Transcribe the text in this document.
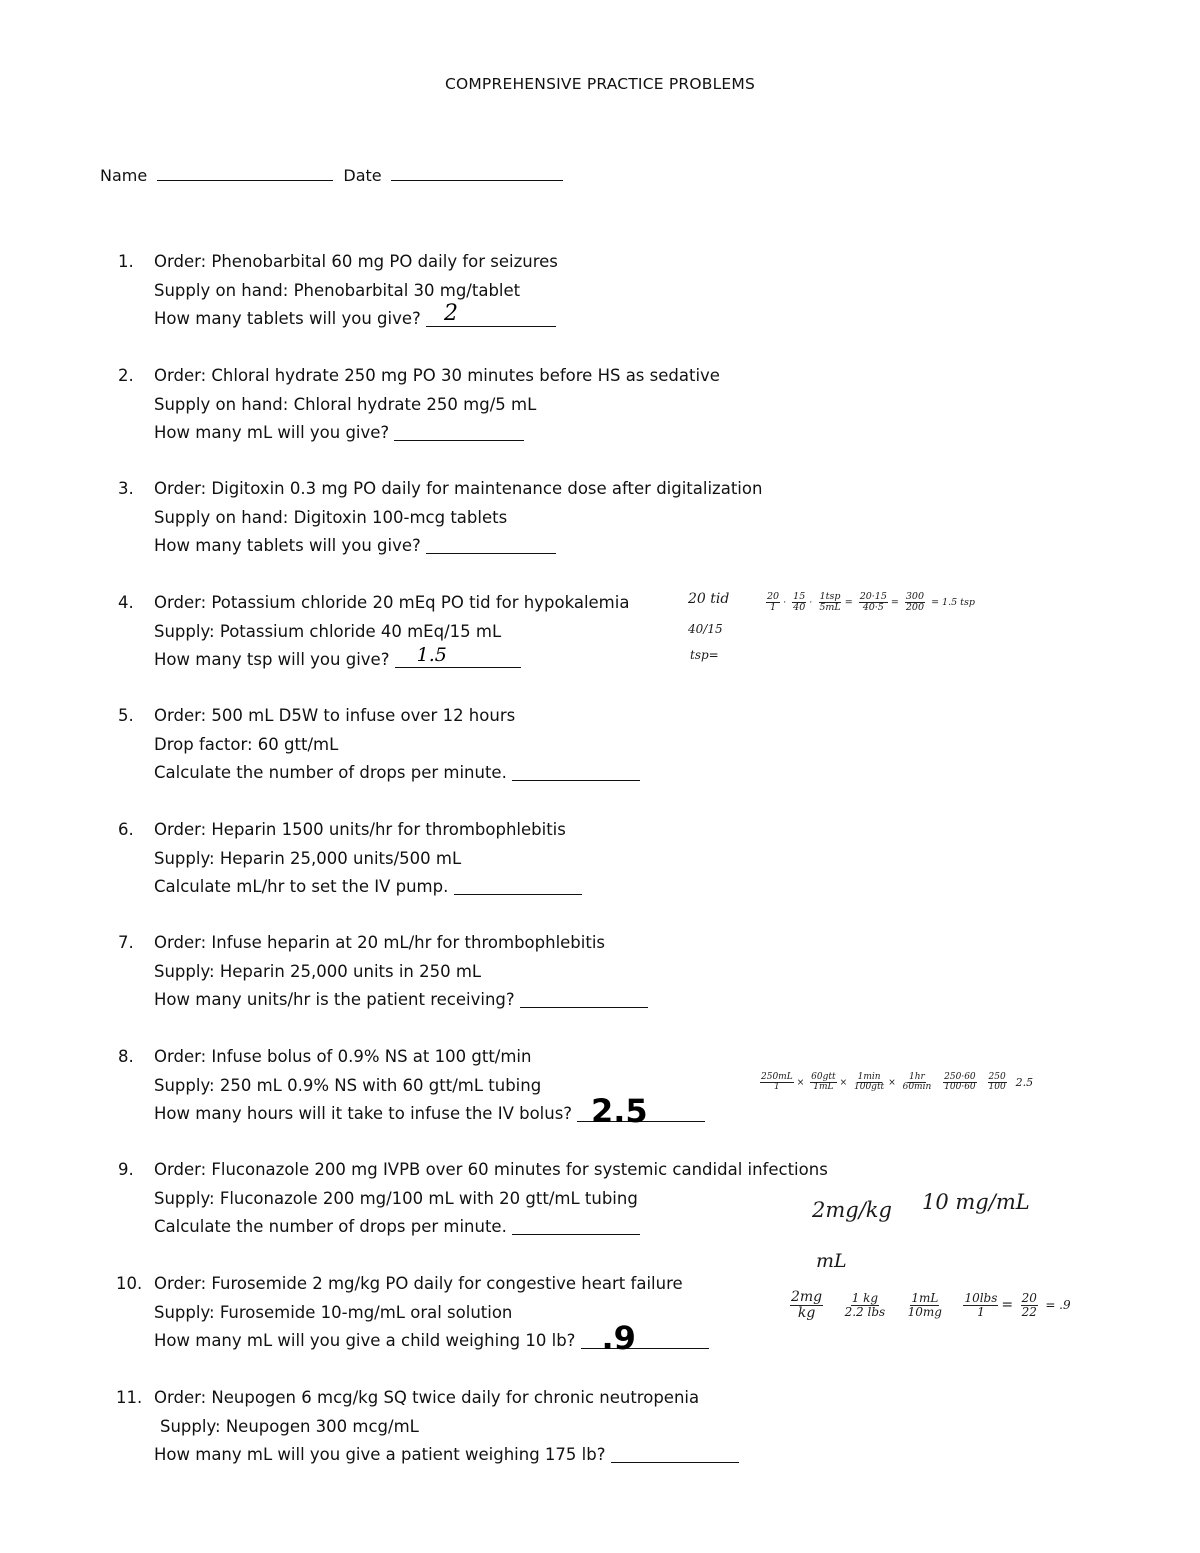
COMPREHENSIVE PRACTICE PROBLEMS
Name	Date
1.	Order: Phenobarbital 60 mg PO daily for seizures
Supply on hand: Phenobarbital 30 mg/tablet
How many tablets will you give?	2
2.	Order: Chloral hydrate 250 mg PO 30 minutes before HS as sedative
Supply on hand: Chloral hydrate 250 mg/5 mL
How many mL will you give?
3.	Order: Digitoxin 0.3 mg PO daily for maintenance dose after digitalization
Supply on hand: Digitoxin 100-mcg tablets
How many tablets will you give?
4.	Order: Potassium chloride 20 mEq PO tid for hypokalemia
Supply: Potassium chloride 40 mEq/15 mL
How many tsp will you give?	1.5
20 tid
40/15
tsp=
$\frac{20}{1} \cdot \frac{15}{40} \cdot \frac{\text{1tsp}}{5mL} = \frac{20\cdot 15}{40\cdot 5} = \frac{300}{200} = 1.5$ tsp
5.	Order: 500 mL D5W to infuse over 12 hours
Drop factor: 60 gtt/mL
Calculate the number of drops per minute.
6.	Order: Heparin 1500 units/hr for thrombophlebitis
Supply: Heparin 25,000 units/500 mL
Calculate mL/hr to set the IV pump.
7.	Order: Infuse heparin at 20 mL/hr for thrombophlebitis
Supply: Heparin 25,000 units in 250 mL
How many units/hr is the patient receiving?
8.	Order: Infuse bolus of 0.9% NS at 100 gtt/min
Supply: 250 mL 0.9% NS with 60 gtt/mL tubing
How many hours will it take to infuse the IV bolus? 2.5
$\frac{250mL}{1} \times \frac{\text{60gtt}}{1mL} \times \frac{1\min}{\text{100gtt}} \times \frac{1hr}{60\min}$
$\frac{250\cdot 60}{100\cdot 60}$
$\frac{250}{100} 2.5$
9.	Order: Fluconazole 200 mg IVPB over 60 minutes for systemic candidal infections
Supply: Fluconazole 200 mg/100 mL with 20 gtt/mL tubing
Calculate the number of drops per minute.
2mg/kg 10 mg/mL
mL
10. Order: Furosemide 2 mg/kg PO daily for congestive heart failure
Supply: Furosemide 10-mg/mL oral solution
How many mL will you give a child weighing 10 lb? .9
$\frac{2mg}{kg}$
$\frac{1 kg}{\text{2.2 lbs}}$
$\frac{1mL}{10mg}$
$\frac{\text{10lbs}}{1} = \frac{20}{22} = .9$
11. Order: Neupogen 6 mcg/kg SQ twice daily for chronic neutropenia
Supply: Neupogen 300 mcg/mL
How many mL will you give a patient weighing 175 lb?
